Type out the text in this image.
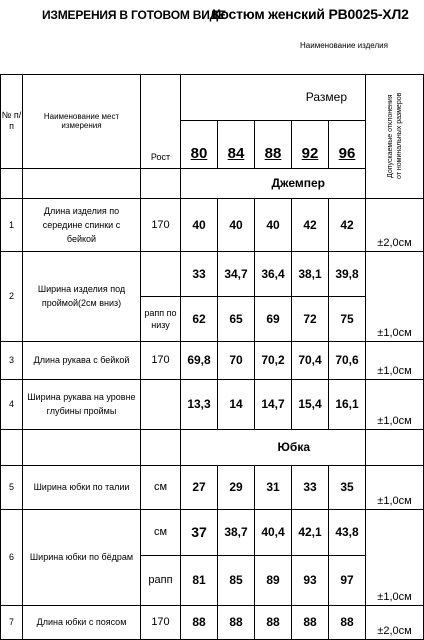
ИЗМЕРЕНИЯ В ГОТОВОМ ВИДЕ
Костюм женский РВ0025-ХЛ2
Наименование изделия

№ п/п	Наименование мест измерения	Рост	Размер					Допускаемые отклонения от номинальных размеров

			80	84	88	92	96	
			Джемпер					
1	Длина изделия по середине спинки с бейкой	170	40	40	40	42	42	±2,0см
2	Ширина изделия под проймой(2см вниз)		33	34,7	36,4	38,1	39,8	±1,0см
		рапп по низу	62	65	69	72	75	
3	Длина рукава с бейкой	170	69,8	70	70,2	70,4	70,6	±1,0см
4	Ширина рукава на уровне глубины проймы		13,3	14	14,7	15,4	16,1	±1,0см
			Юбка					
5	Ширина юбки по талии	см	27	29	31	33	35	±1,0см
6	Ширина юбки по бёдрам	см	37	38,7	40,4	42,1	43,8	±1,0см
		рапп	81	85	89	93	97	
7	Длина юбки с поясом	170	88	88	88	88	88	±2,0см
